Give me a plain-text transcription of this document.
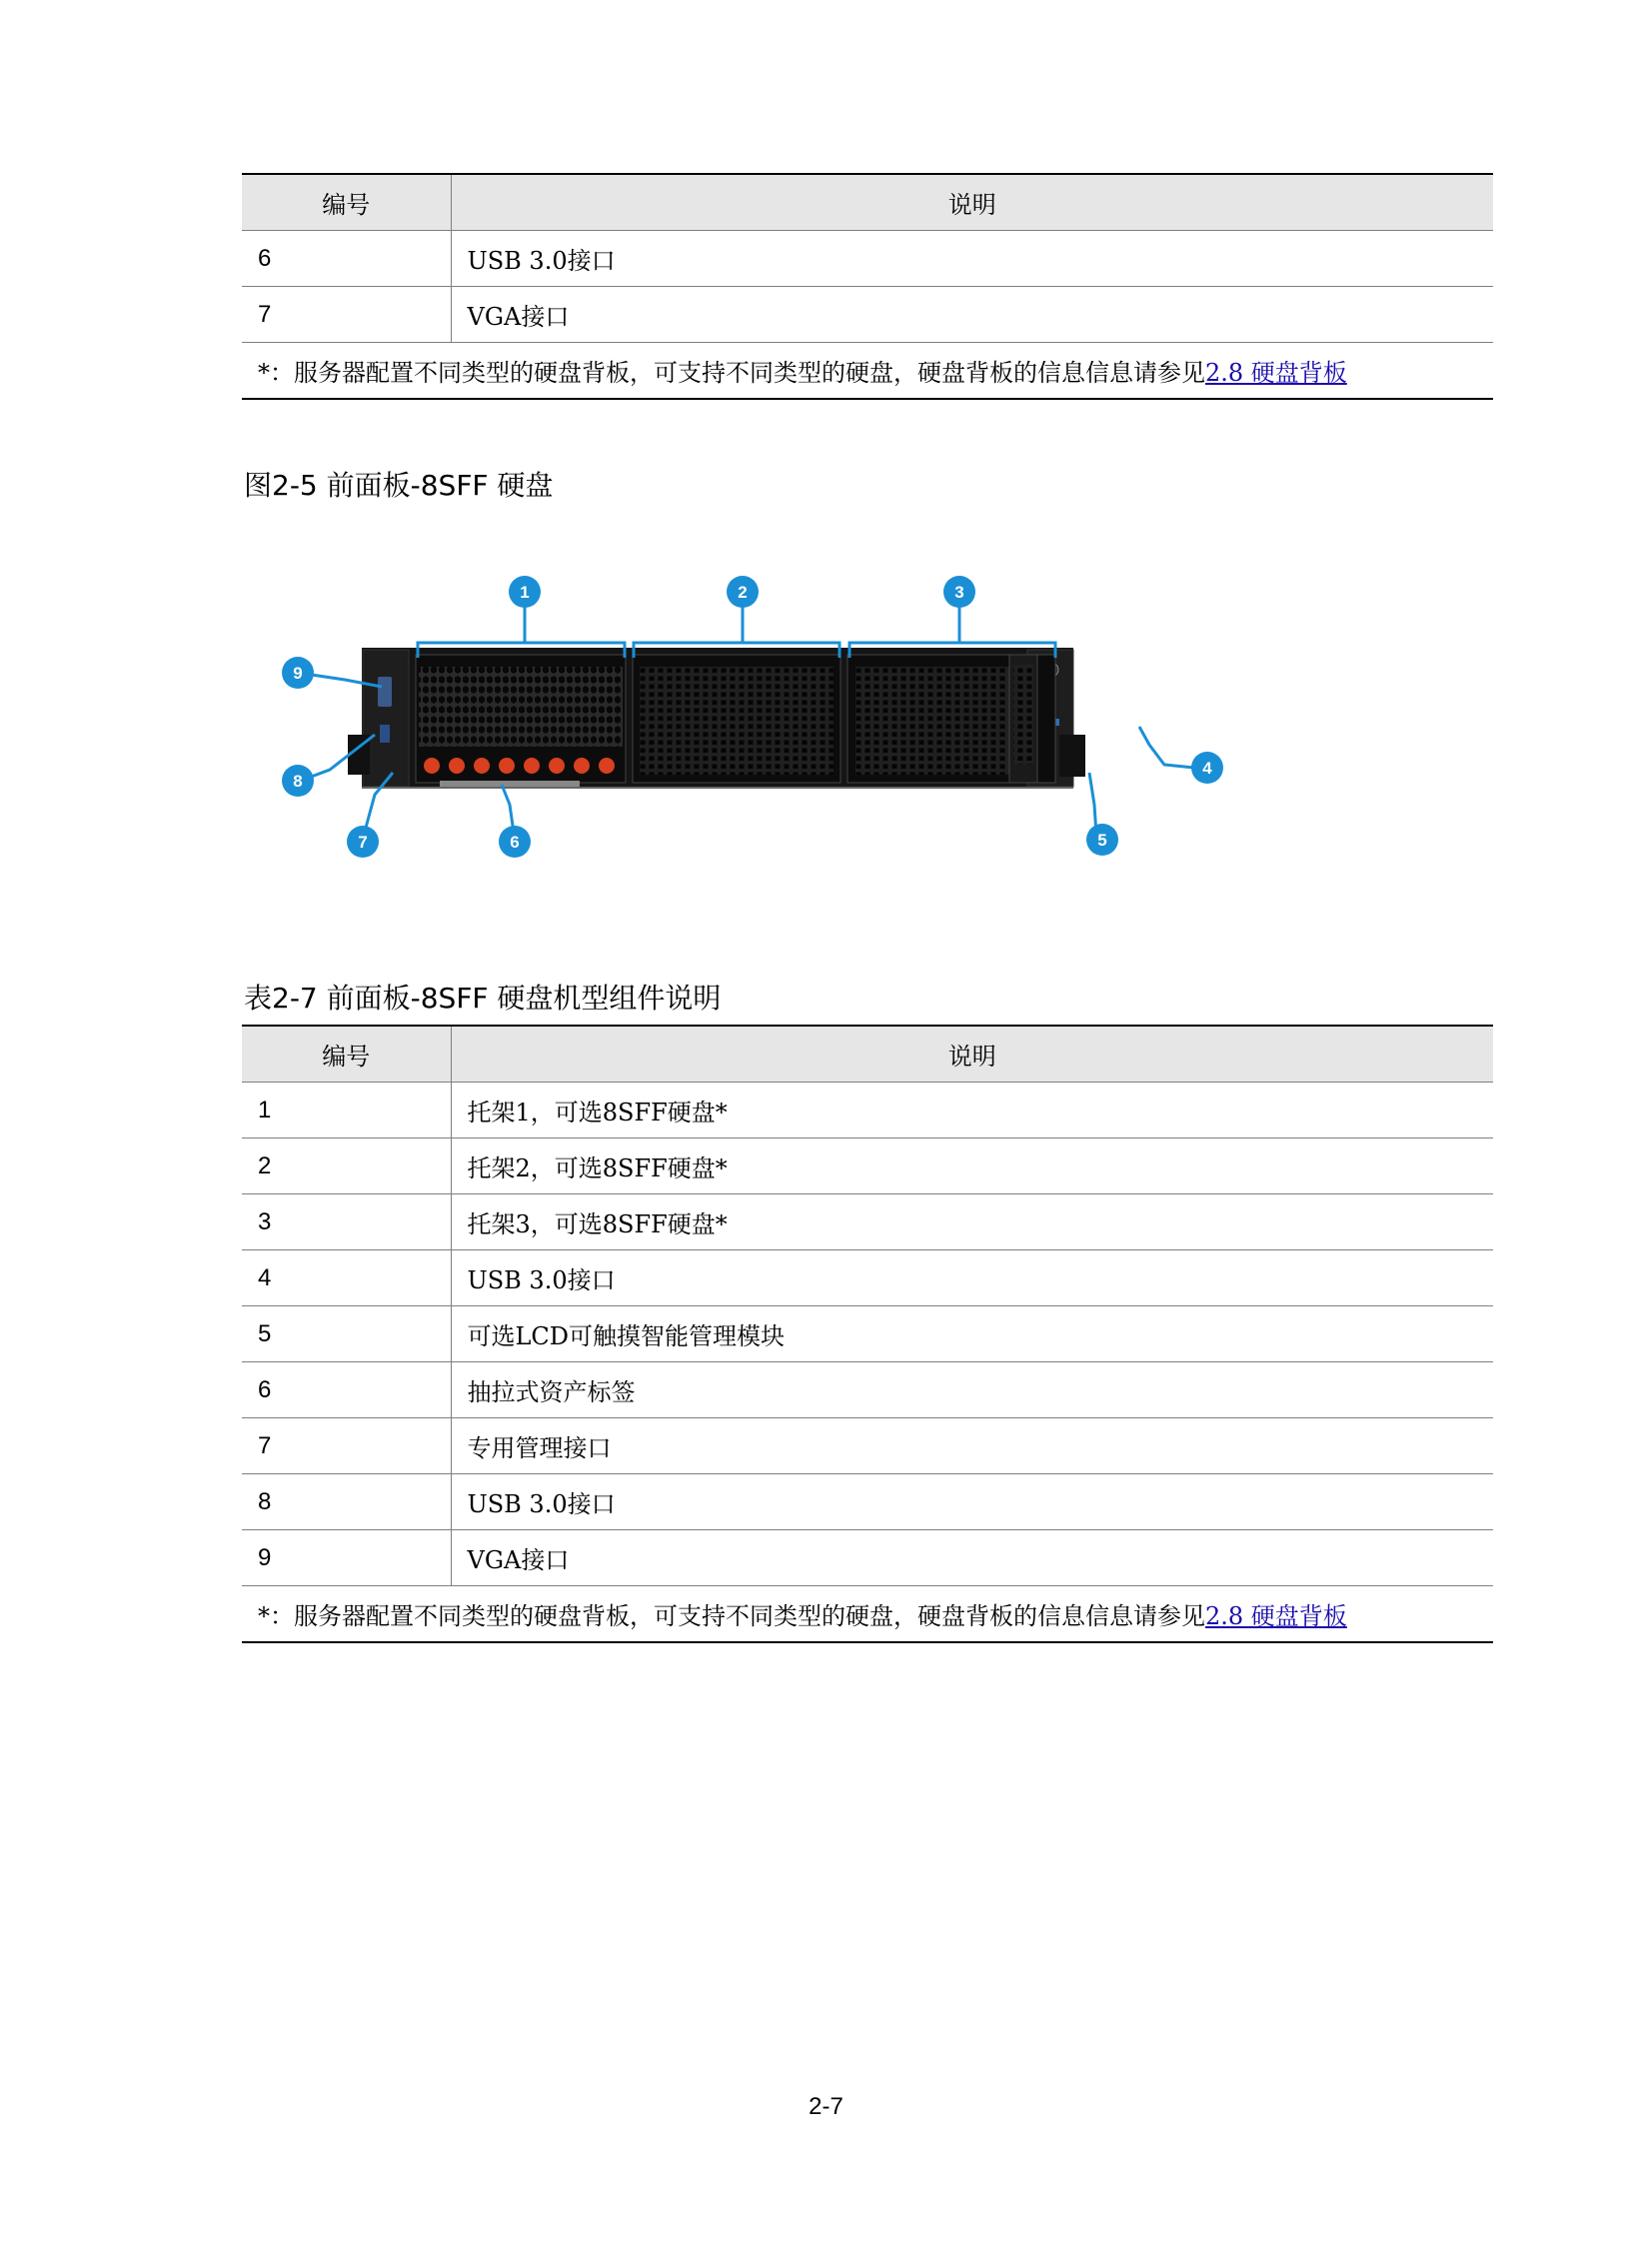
编号	说明
6	USB 3.0接口
7	VGA接口
*：服务器配置不同类型的硬盘背板，可支持不同类型的硬盘，硬盘背板的信息信息请参见2.8 硬盘背板	
图2-5 前面板-8SFF 硬盘
1	2	3
4
5
6
7
8
9
表2-7 前面板-8SFF 硬盘机型组件说明
编号	说明
1	托架1，可选8SFF硬盘*
2	托架2，可选8SFF硬盘*
3	托架3，可选8SFF硬盘*
4	USB 3.0接口
5	可选LCD可触摸智能管理模块
6	抽拉式资产标签
7	专用管理接口
8	USB 3.0接口
9	VGA接口
*：服务器配置不同类型的硬盘背板，可支持不同类型的硬盘，硬盘背板的信息信息请参见2.8 硬盘背板	
2-7
